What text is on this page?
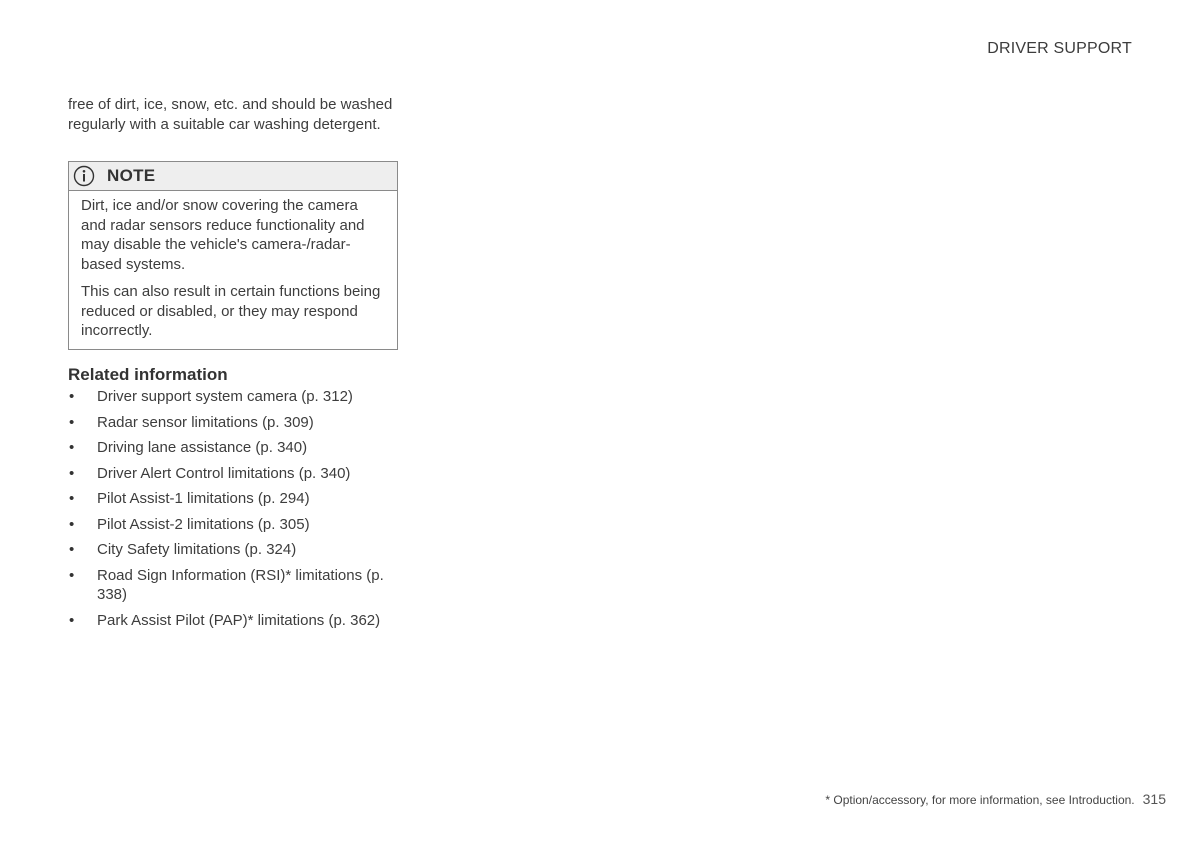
DRIVER SUPPORT
free of dirt, ice, snow, etc. and should be washed regularly with a suitable car washing detergent.
NOTE

Dirt, ice and/or snow covering the camera and radar sensors reduce functionality and may disable the vehicle's camera-/radar-based systems.

This can also result in certain functions being reduced or disabled, or they may respond incorrectly.

Related information
• Driver support system camera (p. 312)
• Radar sensor limitations (p. 309)
• Driving lane assistance (p. 340)
• Driver Alert Control limitations (p. 340)
• Pilot Assist-1 limitations (p. 294)
• Pilot Assist-2 limitations (p. 305)
• City Safety limitations (p. 324)
• Road Sign Information (RSI)* limitations (p. 338)
• Park Assist Pilot (PAP)* limitations (p. 362)
* Option/accessory, for more information, see Introduction. 315
